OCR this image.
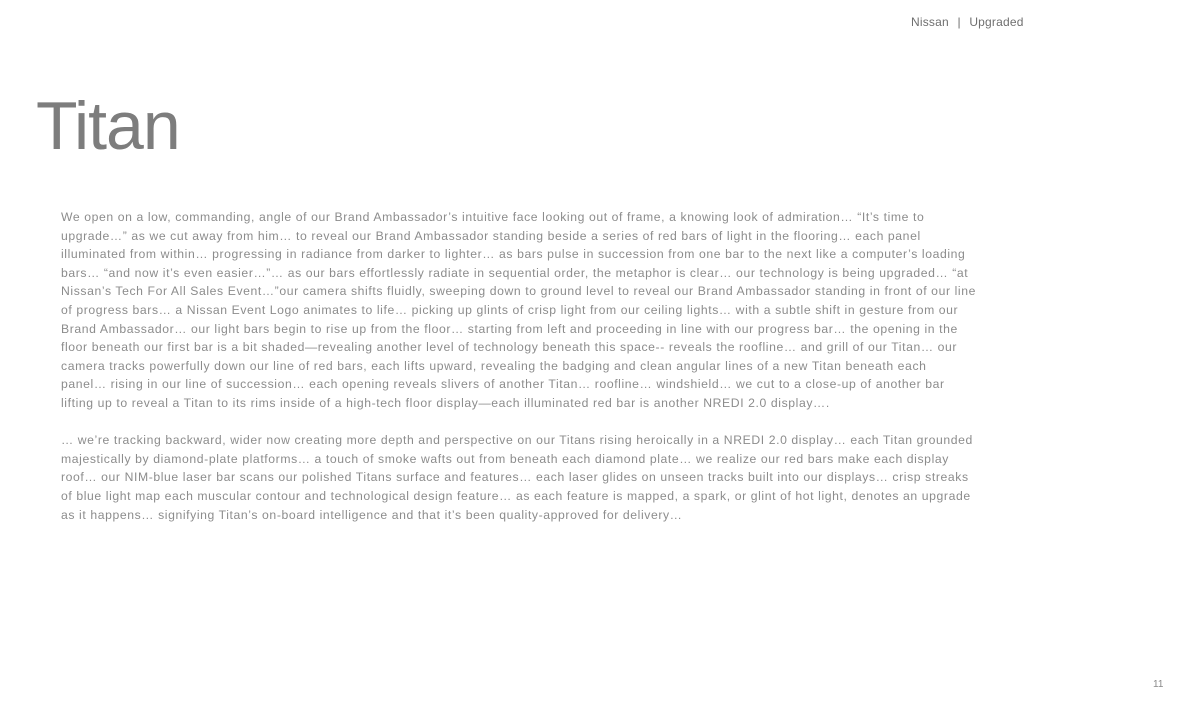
Nissan | Upgraded
Titan

We open on a low, commanding, angle of our Brand Ambassador’s intuitive face looking out of frame, a knowing look of admiration… “It’s time to upgrade…” as we cut away from him… to reveal our Brand Ambassador standing beside a series of red bars of light in the flooring… each panel illuminated from within… progressing in radiance from darker to lighter… as bars pulse in succession from one bar to the next like a computer’s loading bars… “and now it’s even easier…”… as our bars effortlessly radiate in sequential order, the metaphor is clear… our technology is being upgraded… “at Nissan’s Tech For All Sales Event…”our camera shifts fluidly, sweeping down to ground level to reveal our Brand Ambassador standing in front of our line of progress bars… a Nissan Event Logo animates to life… picking up glints of crisp light from our ceiling lights… with a subtle shift in gesture from our Brand Ambassador… our light bars begin to rise up from the floor… starting from left and proceeding in line with our progress bar… the opening in the floor beneath our first bar is a bit shaded—revealing another level of technology beneath this space-- reveals the roofline… and grill of our Titan… our camera tracks powerfully down our line of red bars, each lifts upward, revealing the badging and clean angular lines of a new Titan beneath each panel… rising in our line of succession… each opening reveals slivers of another Titan… roofline… windshield… we cut to a close-up of another bar lifting up to reveal a Titan to its rims inside of a high-tech floor display—each illuminated red bar is another NREDI 2.0 display….

… we’re tracking backward, wider now creating more depth and perspective on our Titans rising heroically in a NREDI 2.0 display… each Titan grounded majestically by diamond-plate platforms… a touch of smoke wafts out from beneath each diamond plate… we realize our red bars make each display roof… our NIM-blue laser bar scans our polished Titans surface and features… each laser glides on unseen tracks built into our displays… crisp streaks of blue light map each muscular contour and technological design feature… as each feature is mapped, a spark, or glint of hot light, denotes an upgrade as it happens… signifying Titan’s on-board intelligence and that it’s been quality-approved for delivery…

11
